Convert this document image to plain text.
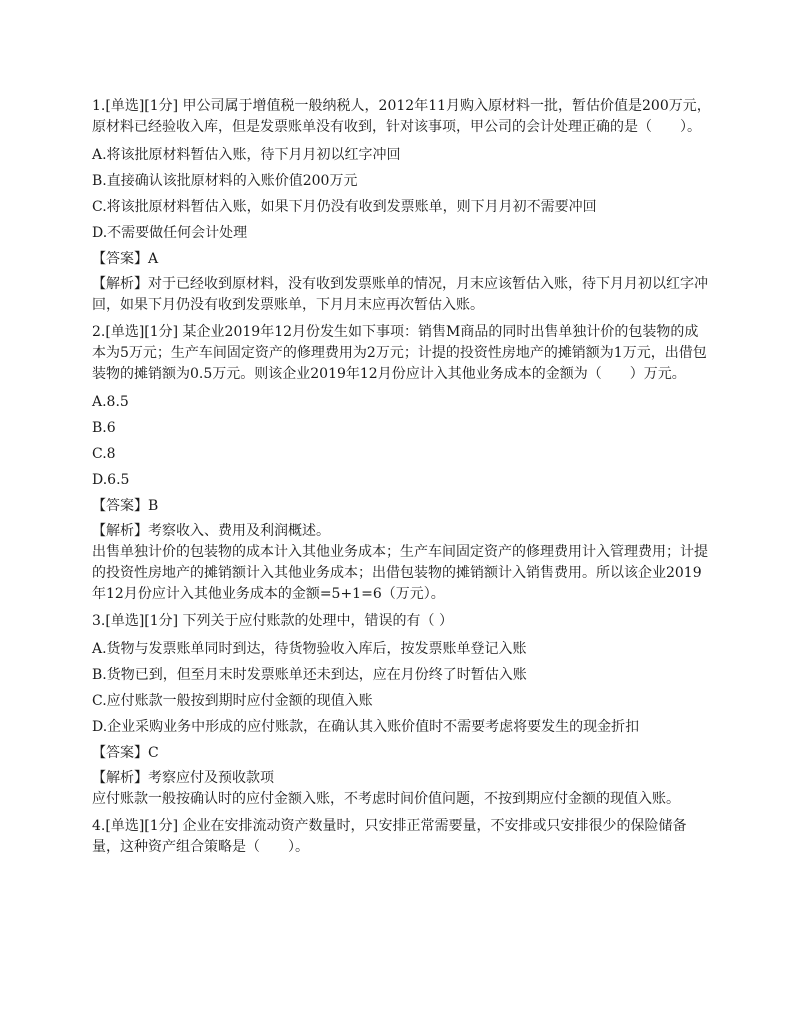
1.[单选][1分] 甲公司属于增值税一般纳税人，2012年11月购入原材料一批，暂估价值是200万元，原材料已经验收入库，但是发票账单没有收到，针对该事项，甲公司的会计处理正确的是（　　）。

A.将该批原材料暂估入账，待下月月初以红字冲回
B.直接确认该批原材料的入账价值200万元
C.将该批原材料暂估入账，如果下月仍没有收到发票账单，则下月月初不需要冲回
D.不需要做任何会计处理
【答案】A
【解析】对于已经收到原材料，没有收到发票账单的情况，月末应该暂估入账，待下月月初以红字冲回，如果下月仍没有收到发票账单，下月月末应再次暂估入账。

2.[单选][1分] 某企业2019年12月份发生如下事项：销售M商品的同时出售单独计价的包装物的成本为5万元；生产车间固定资产的修理费用为2万元；计提的投资性房地产的摊销额为1万元，出借包装物的摊销额为0.5万元。则该企业2019年12月份应计入其他业务成本的金额为（　　）万元。

A.8.5
B.6
C.8
D.6.5
【答案】B
【解析】考察收入、费用及利润概述。

出售单独计价的包装物的成本计入其他业务成本；生产车间固定资产的修理费用计入管理费用；计提的投资性房地产的摊销额计入其他业务成本；出借包装物的摊销额计入销售费用。所以该企业2019年12月份应计入其他业务成本的金额=5+1=6（万元）。

3.[单选][1分] 下列关于应付账款的处理中，错误的有（ ）

A.货物与发票账单同时到达，待货物验收入库后，按发票账单登记入账
B.货物已到，但至月末时发票账单还未到达，应在月份终了时暂估入账
C.应付账款一般按到期时应付金额的现值入账
D.企业采购业务中形成的应付账款，在确认其入账价值时不需要考虑将要发生的现金折扣
【答案】C
【解析】考察应付及预收款项

应付账款一般按确认时的应付金额入账，不考虑时间价值问题，不按到期应付金额的现值入账。

4.[单选][1分] 企业在安排流动资产数量时，只安排正常需要量，不安排或只安排很少的保险储备量，这种资产组合策略是（　　）。
